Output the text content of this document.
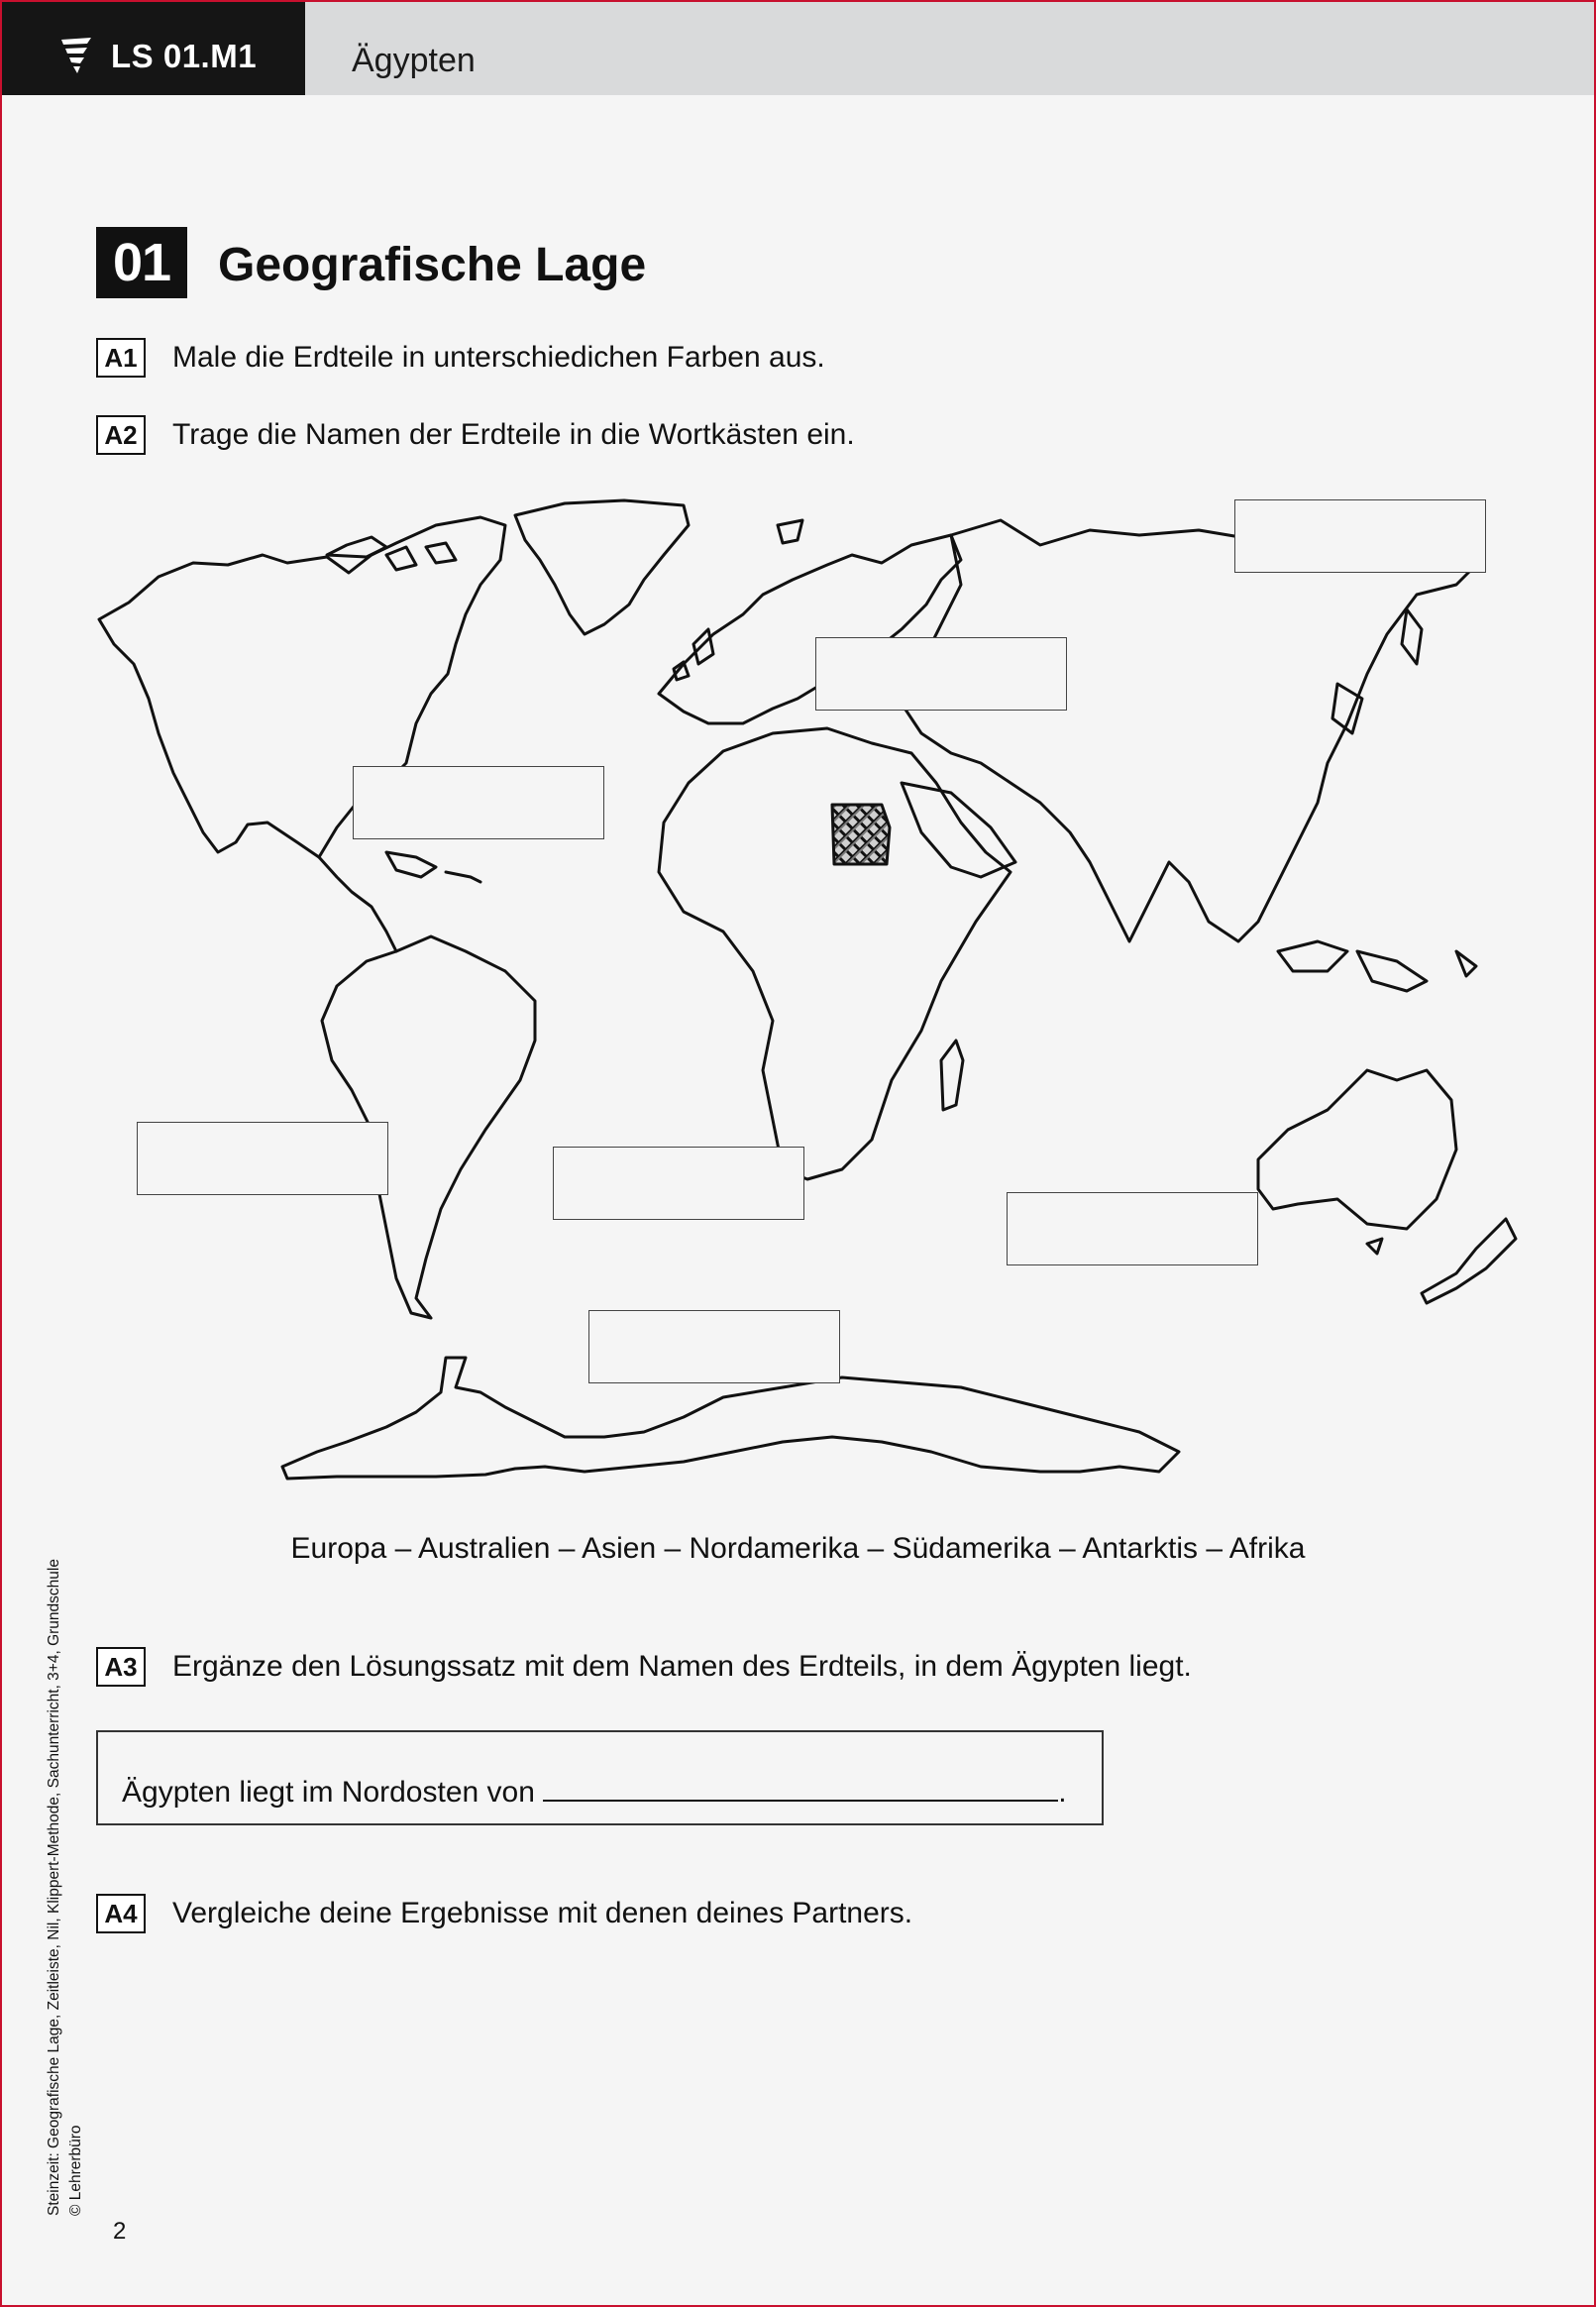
LS 01.M1	Ägypten
01 Geografische Lage
A1 Male die Erdteile in unterschiedichen Farben aus.
A2 Trage die Namen der Erdteile in die Wortkästen ein.
Europa – Australien – Asien – Nordamerika – Südamerika – Antarktis – Afrika
A3 Ergänze den Lösungssatz mit dem Namen des Erdteils, in dem Ägypten liegt.
Ägypten liegt im Nordosten von	.
A4 Vergleiche deine Ergebnisse mit denen deines Partners.
Steinzeit: Geografische Lage, Zeitleiste, Nil, Klippert-Methode, Sachunterricht, 3+4, Grundschule © Lehrerbüro
2
